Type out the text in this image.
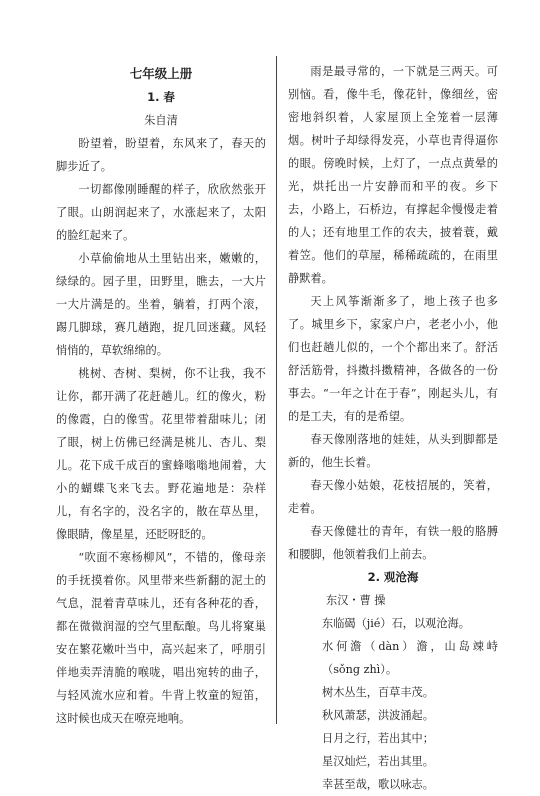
七年级上册
1. 春

朱自清

盼望着，盼望着，东风来了，春天的脚步近了。

一切都像刚睡醒的样子，欣欣然张开了眼。山朗润起来了，水涨起来了，太阳的脸红起来了。

小草偷偷地从土里钻出来，嫩嫩的，绿绿的。园子里，田野里，瞧去，一大片一大片满是的。坐着，躺着，打两个滚，踢几脚球，赛几趟跑，捉几回迷藏。风轻悄悄的，草软绵绵的。

桃树、杏树、梨树，你不让我，我不让你，都开满了花赶趟儿。红的像火，粉的像霞，白的像雪。花里带着甜味儿；闭了眼，树上仿佛已经满是桃儿、杏儿、梨儿。花下成千成百的蜜蜂嗡嗡地闹着，大小的蝴蝶飞来飞去。野花遍地是：杂样儿，有名字的，没名字的，散在草丛里，像眼睛，像星星，还眨呀眨的。

“吹面不寒杨柳风”，不错的，像母亲的手抚摸着你。风里带来些新翻的泥土的气息，混着青草味儿，还有各种花的香，都在微微润湿的空气里酝酿。鸟儿将窠巢安在繁花嫩叶当中，高兴起来了，呼朋引伴地卖弄清脆的喉咙，唱出宛转的曲子，与轻风流水应和着。牛背上牧童的短笛，这时候也成天在嘹亮地响。

雨是最寻常的，一下就是三两天。可别恼。看，像牛毛，像花针，像细丝，密密地斜织着，人家屋顶上全笼着一层薄烟。树叶子却绿得发亮，小草也青得逼你的眼。傍晚时候，上灯了，一点点黄晕的光，烘托出一片安静而和平的夜。乡下去，小路上，石桥边，有撑起伞慢慢走着的人；还有地里工作的农夫，披着蓑，戴着笠。他们的草屋，稀稀疏疏的，在雨里静默着。

天上风筝渐渐多了，地上孩子也多了。城里乡下，家家户户，老老小小，他们也赶趟儿似的，一个个都出来了。舒活舒活筋骨，抖擞抖擞精神，各做各的一份事去。“一年之计在于春”，刚起头儿，有的是工夫，有的是希望。

春天像刚落地的娃娃，从头到脚都是新的，他生长着。

春天像小姑娘，花枝招展的，笑着，走着。

春天像健壮的青年，有铁一般的胳膊和腰脚，他领着我们上前去。

2. 观沧海

东汉・曹 操

东临碣（jié）石，以观沧海。

水何澹（dàn）澹，山岛竦峙（sǒng zhì）。

树木丛生，百草丰茂。

秋风萧瑟，洪波涌起。

日月之行，若出其中；

星汉灿烂，若出其里。

幸甚至哉，歌以咏志。
